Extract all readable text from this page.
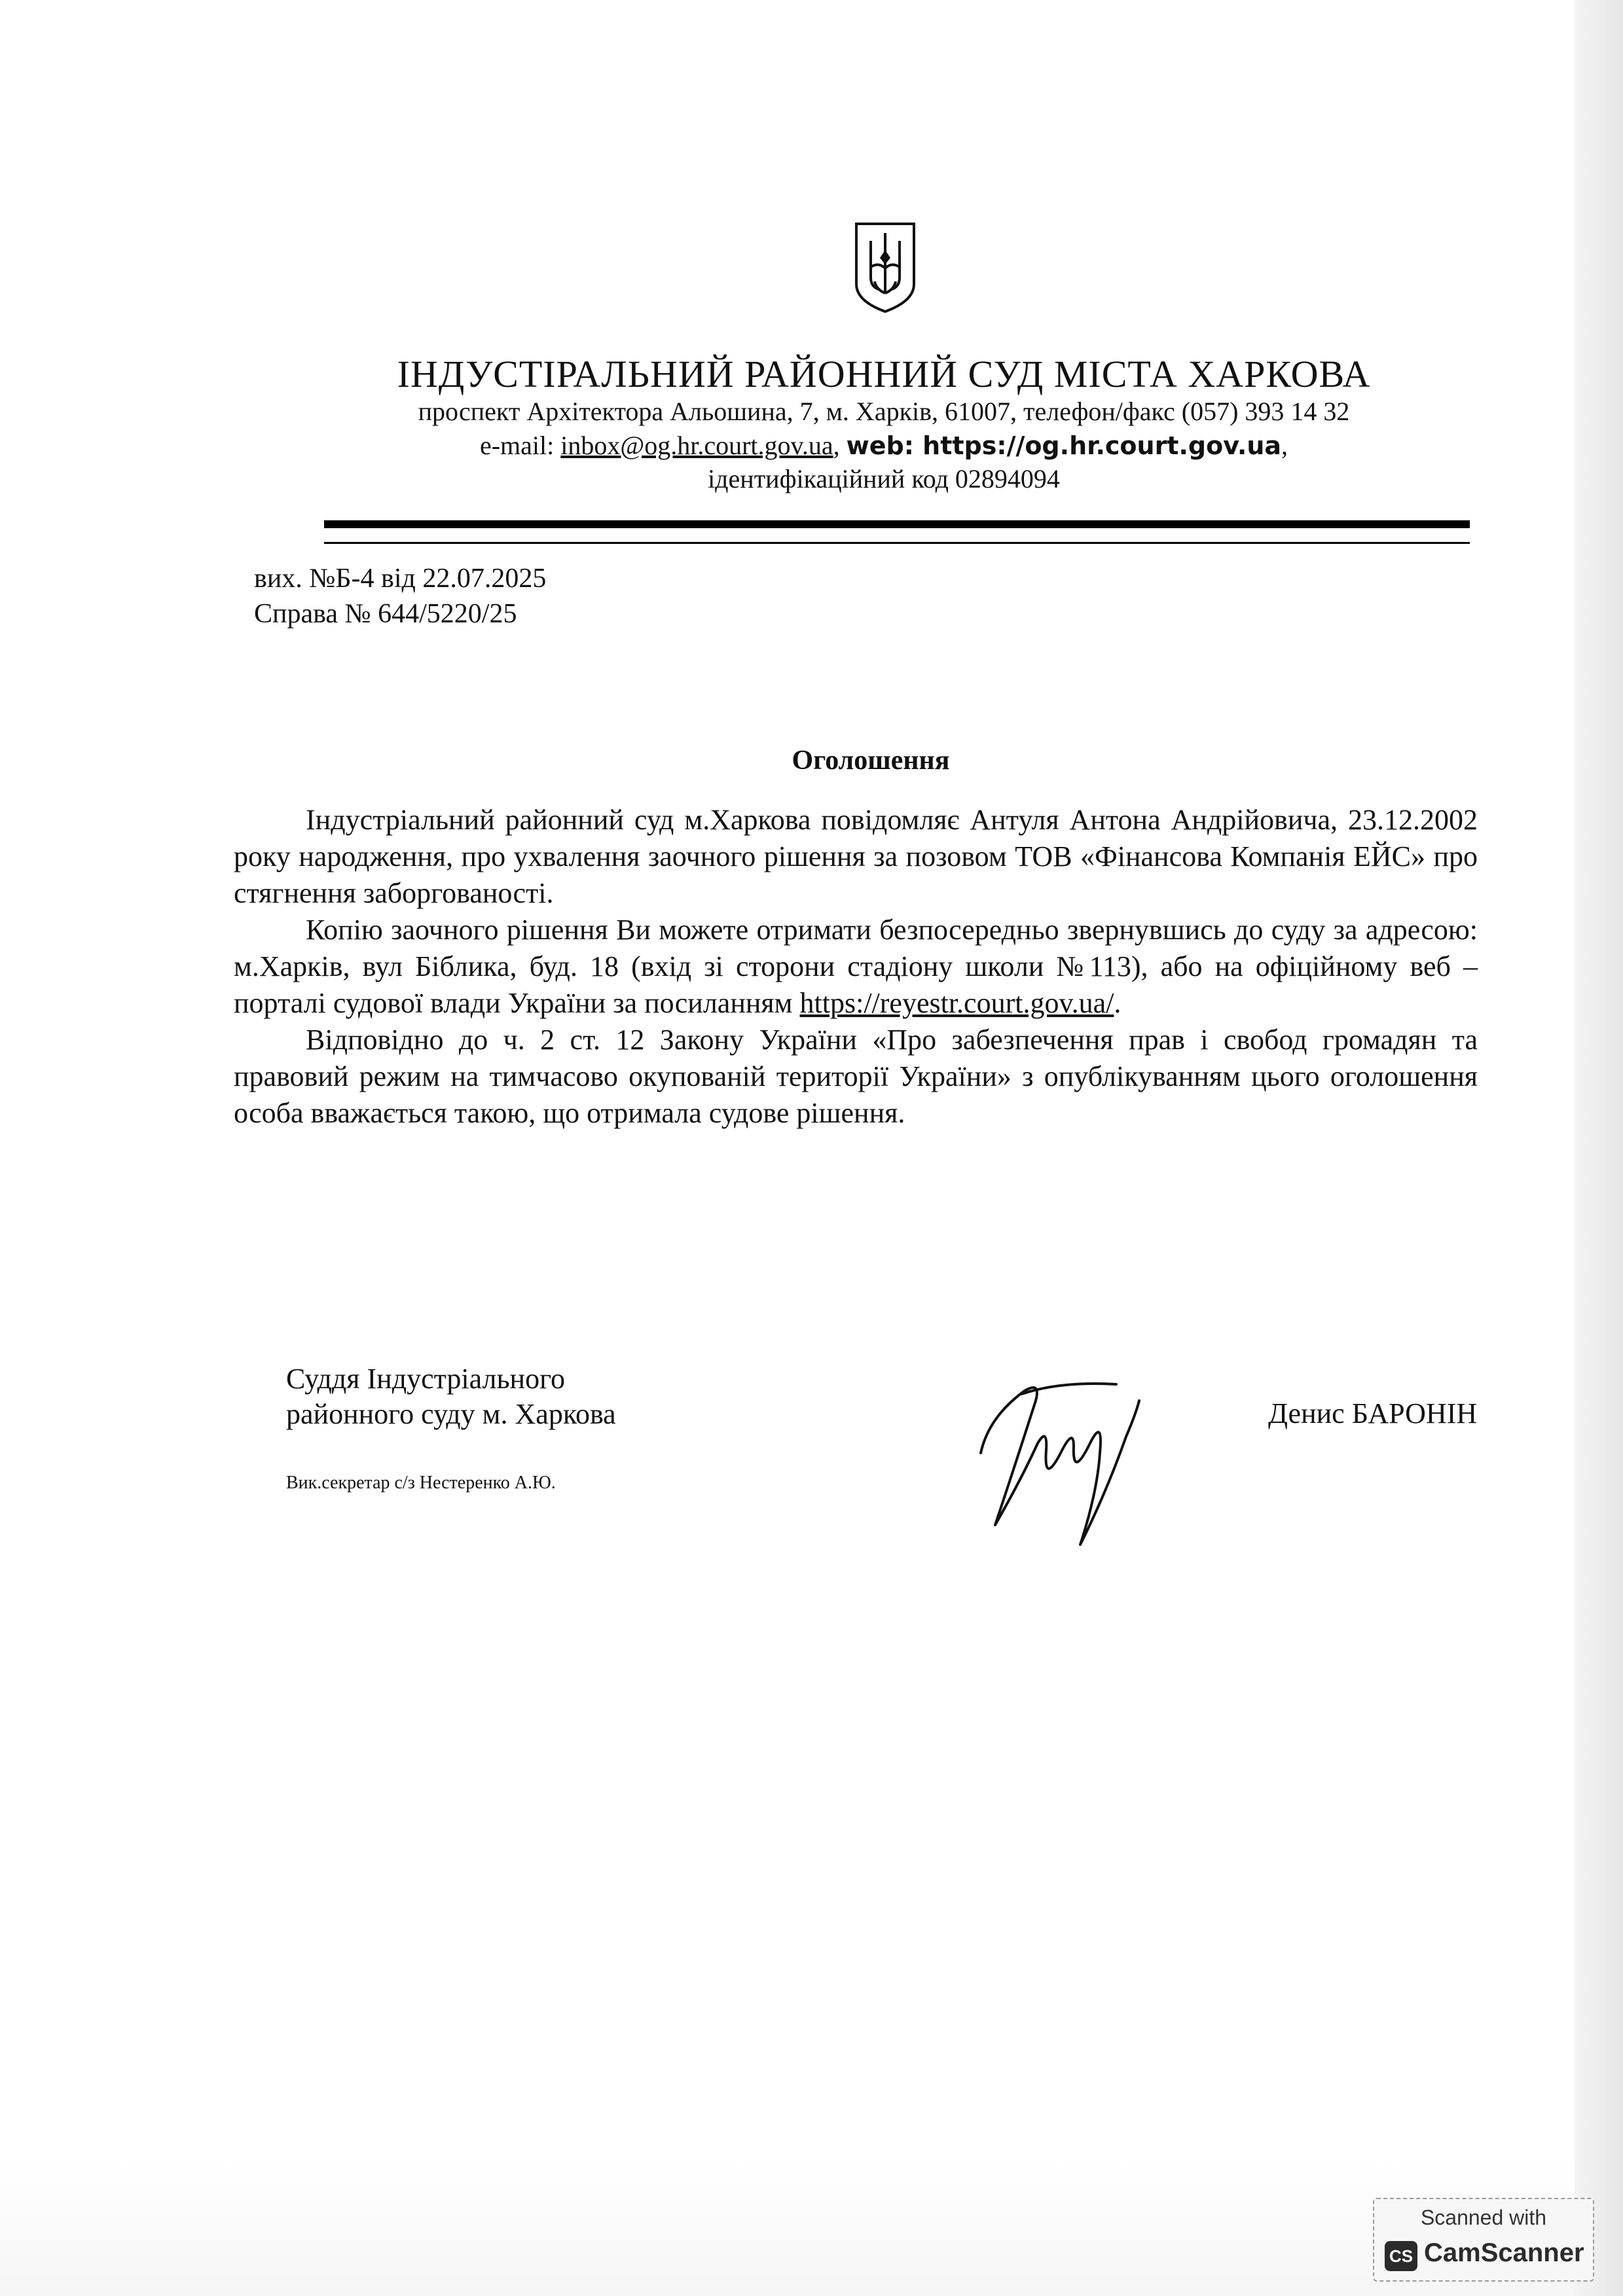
ІНДУСТІРАЛЬНИЙ РАЙОННИЙ СУД МІСТА ХАРКОВА
проспект Архітектора Альошина, 7, м. Харків, 61007, телефон/факс (057) 393 14 32
e-mail: inbox@og.hr.court.gov.ua, web: https://og.hr.court.gov.ua,
ідентифікаційний код 02894094
вих. №Б-4 від 22.07.2025
Справа № 644/5220/25
Оголошення

Індустріальний районний суд м.Харкова повідомляє Антуля Антона Андрійовича, 23.12.2002 року народження, про ухвалення заочного рішення за позовом ТОВ «Фінансова Компанія ЕЙС» про стягнення заборгованості.

Копію заочного рішення Ви можете отримати безпосередньо звернувшись до суду за адресою: м.Харків, вул Біблика, буд. 18 (вхід зі сторони стадіону школи №113), або на офіційному веб – порталі судової влади України за посиланням https://reyestr.court.gov.ua/.

Відповідно до ч. 2 ст. 12 Закону України «Про забезпечення прав і свобод громадян та правовий режим на тимчасово окупованій території України» з опублікуванням цього оголошення особа вважається такою, що отримала судове рішення.

Суддя Індустріального
районного суду м. Харкова
Вик.секретар с/з Нестеренко А.Ю.
Денис БАРОНІН
Scanned with
CS CamScanner
